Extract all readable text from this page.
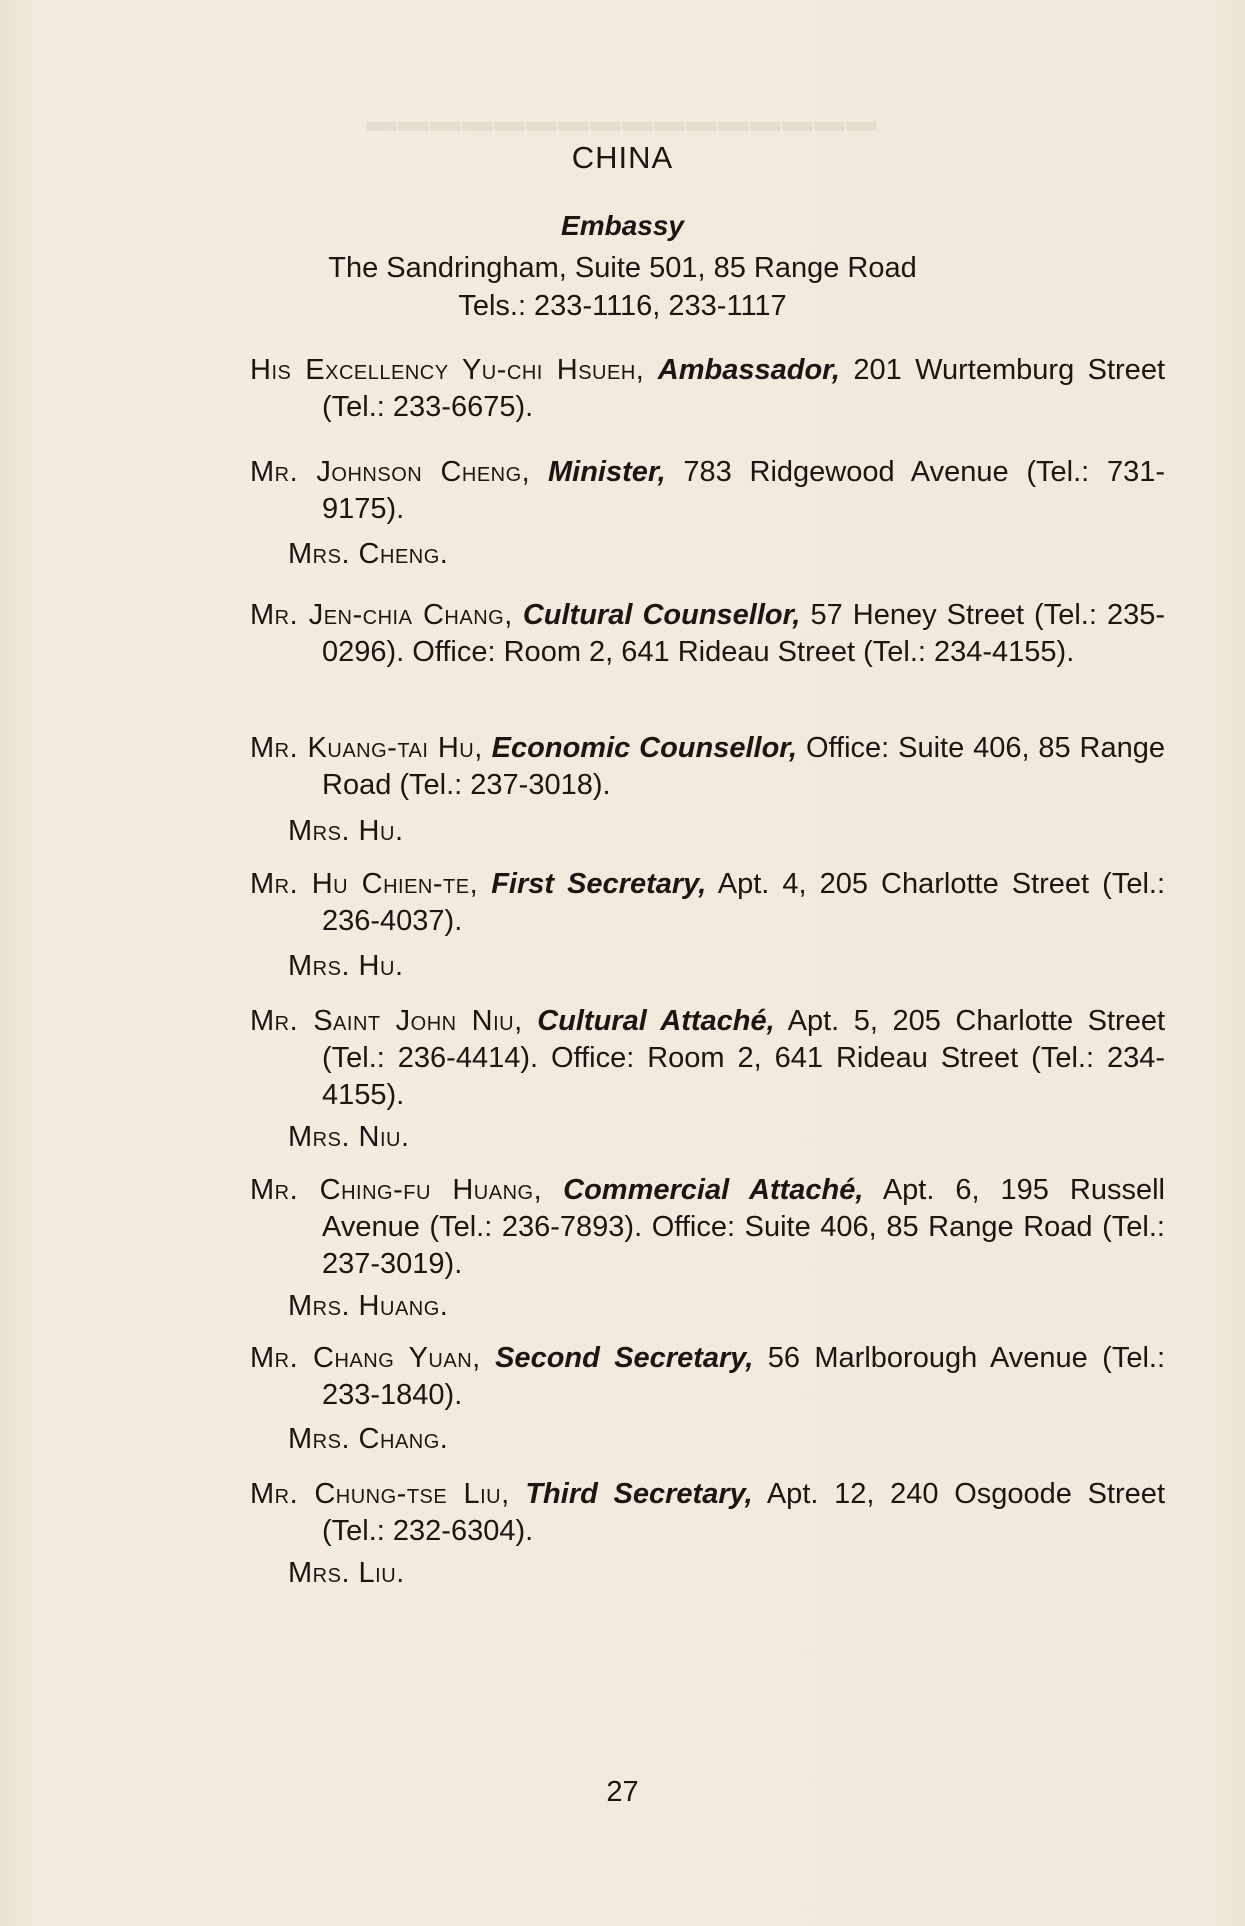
▬▬▬▬▬▬▬▬▬▬▬▬▬▬▬▬
CHINA
Embassy
The Sandringham, Suite 501, 85 Range Road
Tels.: 233-1116, 233-1117
His Excellency Yu-chi Hsueh, Ambassador, 201 Wurtemburg Street (Tel.: 233-6675).
Mr. Johnson Cheng, Minister, 783 Ridgewood Avenue (Tel.: 731-9175).
Mrs. Cheng.
Mr. Jen-chia Chang, Cultural Counsellor, 57 Heney Street (Tel.: 235-0296). Office: Room 2, 641 Rideau Street (Tel.: 234-4155).
Mr. Kuang-tai Hu, Economic Counsellor, Office: Suite 406, 85 Range Road (Tel.: 237-3018).
Mrs. Hu.
Mr. Hu Chien-te, First Secretary, Apt. 4, 205 Charlotte Street (Tel.: 236-4037).
Mrs. Hu.
Mr. Saint John Niu, Cultural Attaché, Apt. 5, 205 Charlotte Street (Tel.: 236-4414). Office: Room 2, 641 Rideau Street (Tel.: 234-4155).
Mrs. Niu.
Mr. Ching-fu Huang, Commercial Attaché, Apt. 6, 195 Russell Avenue (Tel.: 236-7893). Office: Suite 406, 85 Range Road (Tel.: 237-3019).
Mrs. Huang.
Mr. Chang Yuan, Second Secretary, 56 Marlborough Avenue (Tel.: 233-1840).
Mrs. Chang.
Mr. Chung-tse Liu, Third Secretary, Apt. 12, 240 Osgoode Street (Tel.: 232-6304).
Mrs. Liu.
27
